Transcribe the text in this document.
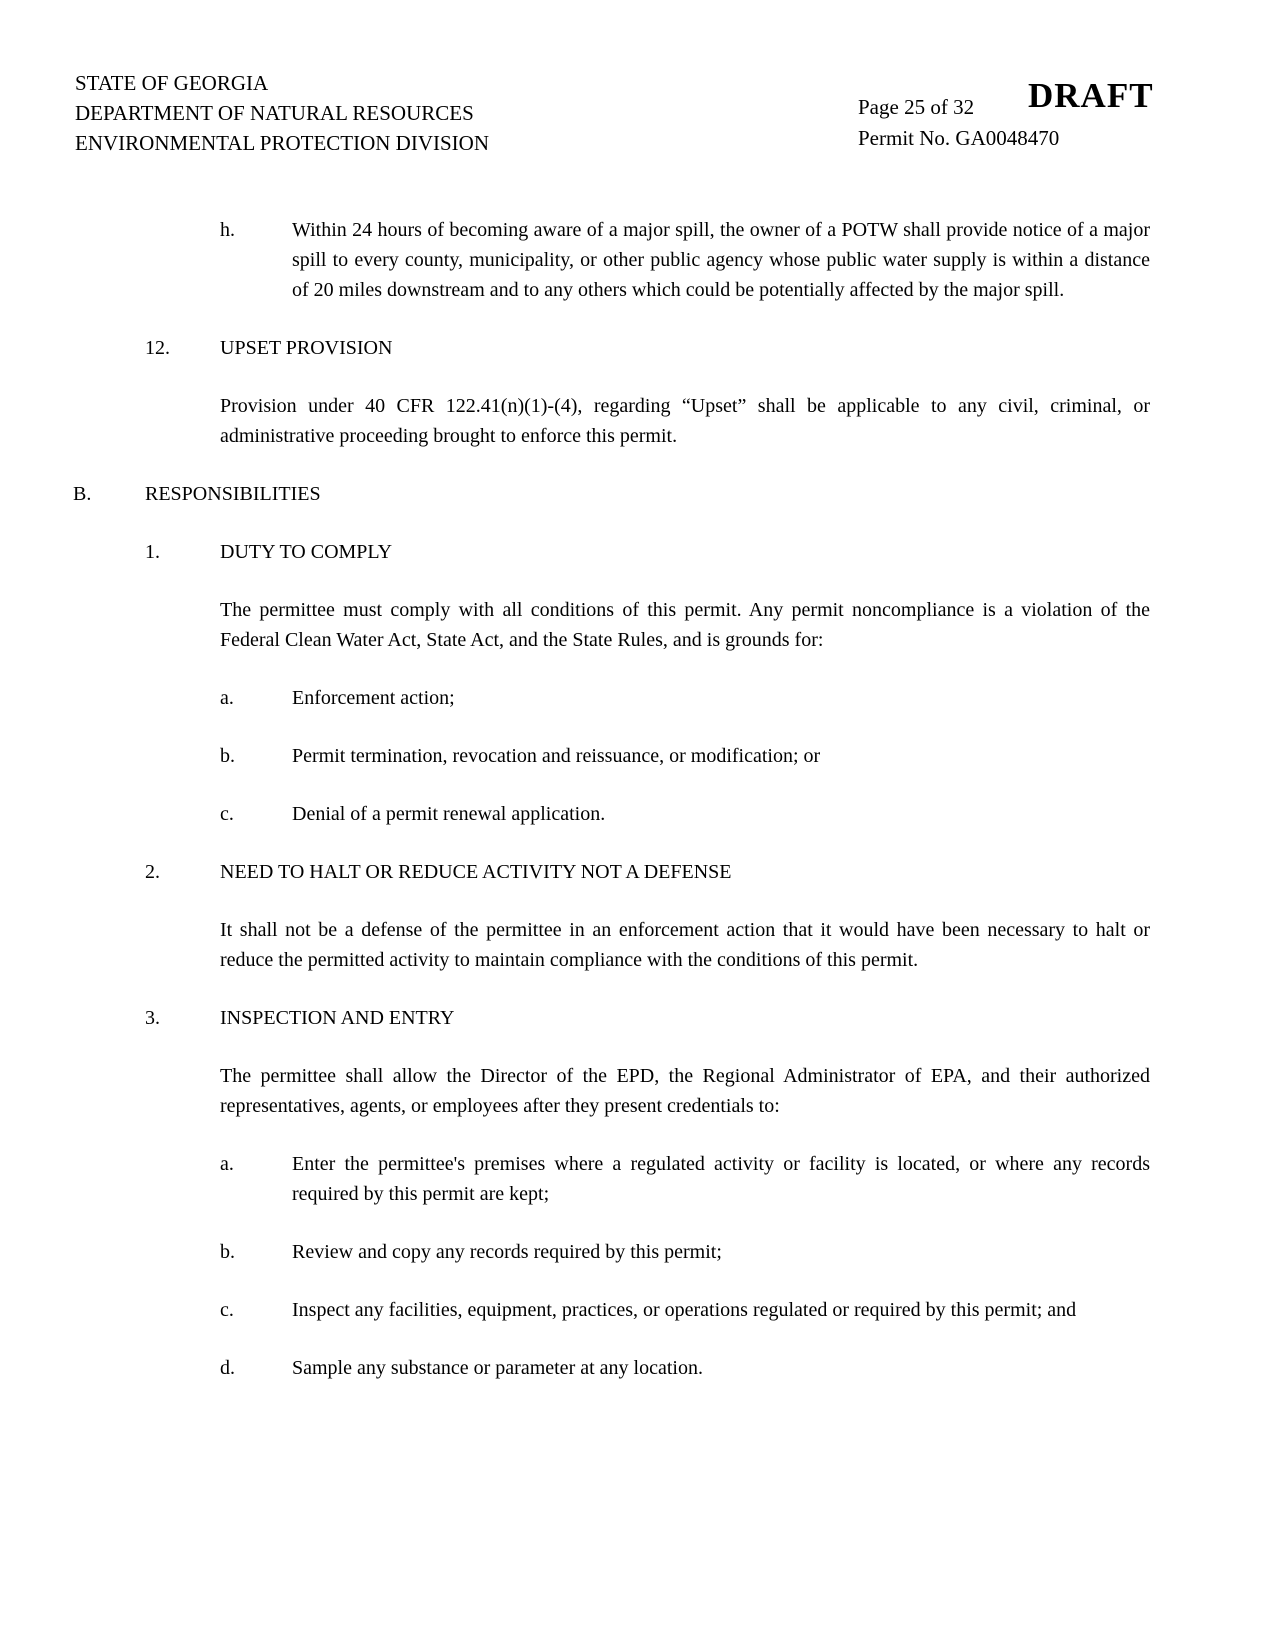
STATE OF GEORGIA
DEPARTMENT OF NATURAL RESOURCES
ENVIRONMENTAL PROTECTION DIVISION
Page 25 of 32
Permit No. GA0048470
DRAFT
h.	Within 24 hours of becoming aware of a major spill, the owner of a POTW shall provide notice of a major spill to every county, municipality, or other public agency whose public water supply is within a distance of 20 miles downstream and to any others which could be potentially affected by the major spill.
12.	UPSET PROVISION
Provision under 40 CFR 122.41(n)(1)-(4), regarding “Upset” shall be applicable to any civil, criminal, or administrative proceeding brought to enforce this permit.
B.	RESPONSIBILITIES
1.	DUTY TO COMPLY
The permittee must comply with all conditions of this permit. Any permit noncompliance is a violation of the Federal Clean Water Act, State Act, and the State Rules, and is grounds for:
a.	Enforcement action;
b.	Permit termination, revocation and reissuance, or modification; or
c.	Denial of a permit renewal application.
2.	NEED TO HALT OR REDUCE ACTIVITY NOT A DEFENSE
It shall not be a defense of the permittee in an enforcement action that it would have been necessary to halt or reduce the permitted activity to maintain compliance with the conditions of this permit.
3.	INSPECTION AND ENTRY
The permittee shall allow the Director of the EPD, the Regional Administrator of EPA, and their authorized representatives, agents, or employees after they present credentials to:
a.	Enter the permittee's premises where a regulated activity or facility is located, or where any records required by this permit are kept;
b.	Review and copy any records required by this permit;
c.	Inspect any facilities, equipment, practices, or operations regulated or required by this permit; and
d.	Sample any substance or parameter at any location.
